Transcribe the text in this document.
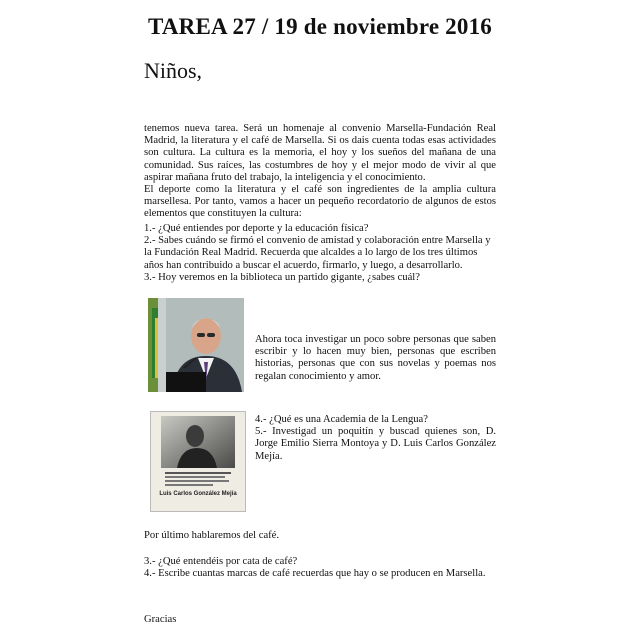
TAREA 27 / 19 de noviembre 2016
Niños,

tenemos nueva tarea. Será un homenaje al convenio Marsella-Fundación Real Madrid, la literatura y el café de Marsella. Si os dais cuenta todas esas actividades son cultura. La cultura es la memoria, el hoy y los sueños del mañana de una comunidad. Sus raíces, las costumbres de hoy y el mejor modo de vivir al que aspirar mañana fruto del trabajo, la inteligencia y el conocimiento.

El deporte como la literatura y el café son ingredientes de la amplia cultura marsellesa. Por tanto, vamos a hacer un pequeño recordatorio de algunos de estos elementos que constituyen la cultura:

1.- ¿Qué entiendes por deporte y la educación física?

2.- Sabes cuándo se firmó el convenio de amistad y colaboración entre Marsella y la Fundación Real Madrid. Recuerda que alcaldes a lo largo de los tres últimos años han contribuido a buscar el acuerdo, firmarlo, y luego, a desarrollarlo.

3.- Hoy veremos en la biblioteca un partido gigante, ¿sabes cuál?

Ahora toca investigar un poco sobre personas que saben escribir y lo hacen muy bien, personas que escriben historias, personas que con sus novelas y poemas nos regalan conocimiento y amor.
Luis Carlos González Mejía

4.- ¿Qué es una Academia de la Lengua?

5.- Investigad un poquitín y buscad quienes son, D. Jorge Emilio Sierra Montoya y D. Luis Carlos González Mejía.

Por último hablaremos del café.

3.- ¿Qué entendéis por cata de café?

4.- Escribe cuantas marcas de café recuerdas que hay o se producen en Marsella.

Gracias
